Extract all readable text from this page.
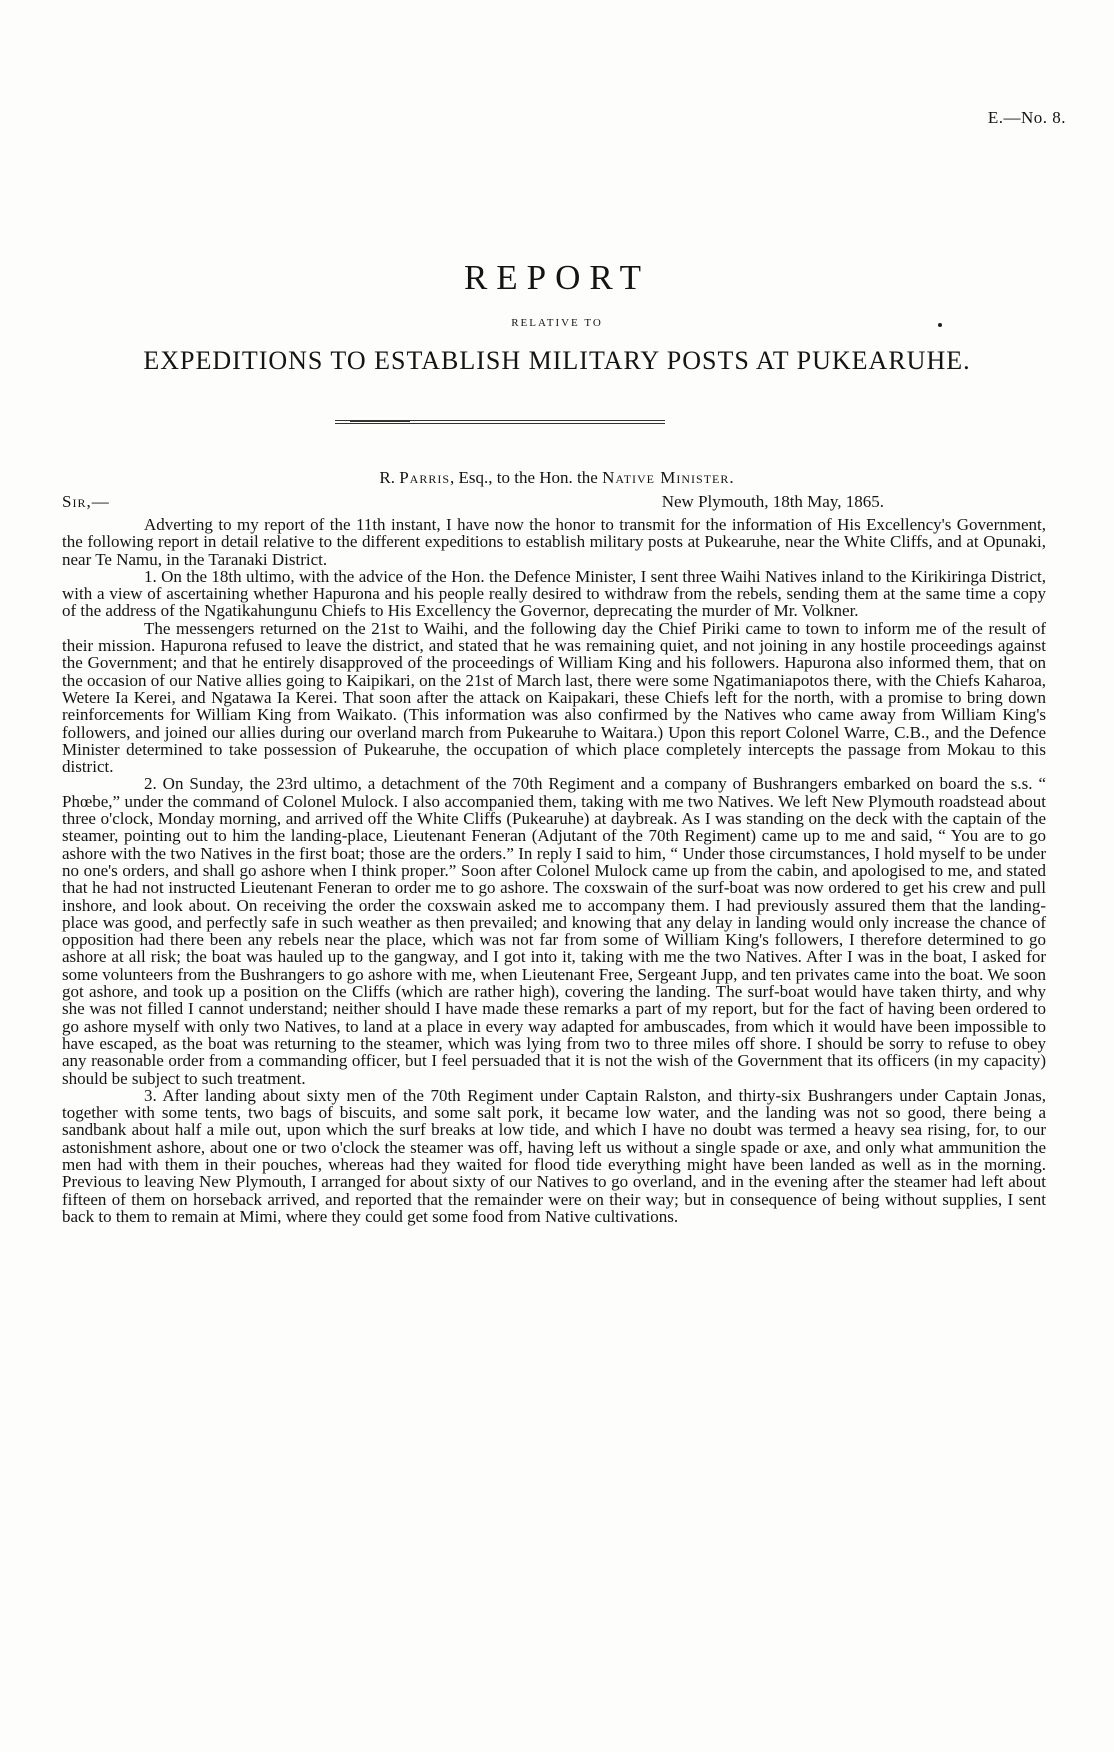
E.—No. 8.
REPORT
RELATIVE TO
EXPEDITIONS TO ESTABLISH MILITARY POSTS AT PUKEARUHE.
R. Parris, Esq., to the Hon. the Native Minister.
Sir,—	New Plymouth, 18th May, 1865.

Adverting to my report of the 11th instant, I have now the honor to transmit for the information of His Excellency's Government, the following report in detail relative to the different expeditions to establish military posts at Pukearuhe, near the White Cliffs, and at Opunaki, near Te Namu, in the Taranaki District.

1. On the 18th ultimo, with the advice of the Hon. the Defence Minister, I sent three Waihi Natives inland to the Kirikiringa District, with a view of ascertaining whether Hapurona and his people really desired to withdraw from the rebels, sending them at the same time a copy of the address of the Ngatikahungunu Chiefs to His Excellency the Governor, deprecating the murder of Mr. Volkner.

The messengers returned on the 21st to Waihi, and the following day the Chief Piriki came to town to inform me of the result of their mission. Hapurona refused to leave the district, and stated that he was remaining quiet, and not joining in any hostile proceedings against the Government; and that he entirely disapproved of the proceedings of William King and his followers. Hapurona also informed them, that on the occasion of our Native allies going to Kaipikari, on the 21st of March last, there were some Ngatimaniapotos there, with the Chiefs Kaharoa, Wetere Ia Kerei, and Ngatawa Ia Kerei. That soon after the attack on Kaipakari, these Chiefs left for the north, with a promise to bring down reinforcements for William King from Waikato. (This information was also confirmed by the Natives who came away from William King's followers, and joined our allies during our overland march from Pukearuhe to Waitara.) Upon this report Colonel Warre, C.B., and the Defence Minister determined to take possession of Pukearuhe, the occupation of which place completely intercepts the passage from Mokau to this district.

2. On Sunday, the 23rd ultimo, a detachment of the 70th Regiment and a company of Bushrangers embarked on board the s.s. “ Phœbe,” under the command of Colonel Mulock. I also accompanied them, taking with me two Natives. We left New Plymouth roadstead about three o'clock, Monday morning, and arrived off the White Cliffs (Pukearuhe) at daybreak. As I was standing on the deck with the captain of the steamer, pointing out to him the landing-place, Lieutenant Feneran (Adjutant of the 70th Regiment) came up to me and said, “ You are to go ashore with the two Natives in the first boat; those are the orders.” In reply I said to him, “ Under those circumstances, I hold myself to be under no one's orders, and shall go ashore when I think proper.” Soon after Colonel Mulock came up from the cabin, and apologised to me, and stated that he had not instructed Lieutenant Feneran to order me to go ashore. The coxswain of the surf-boat was now ordered to get his crew and pull inshore, and look about. On receiving the order the coxswain asked me to accompany them. I had previously assured them that the landing-place was good, and perfectly safe in such weather as then prevailed; and knowing that any delay in landing would only increase the chance of opposition had there been any rebels near the place, which was not far from some of William King's followers, I therefore determined to go ashore at all risk; the boat was hauled up to the gangway, and I got into it, taking with me the two Natives. After I was in the boat, I asked for some volunteers from the Bushrangers to go ashore with me, when Lieutenant Free, Sergeant Jupp, and ten privates came into the boat. We soon got ashore, and took up a position on the Cliffs (which are rather high), covering the landing. The surf-boat would have taken thirty, and why she was not filled I cannot understand; neither should I have made these remarks a part of my report, but for the fact of having been ordered to go ashore myself with only two Natives, to land at a place in every way adapted for ambuscades, from which it would have been impossible to have escaped, as the boat was returning to the steamer, which was lying from two to three miles off shore. I should be sorry to refuse to obey any reasonable order from a commanding officer, but I feel persuaded that it is not the wish of the Government that its officers (in my capacity) should be subject to such treatment.

3. After landing about sixty men of the 70th Regiment under Captain Ralston, and thirty-six Bushrangers under Captain Jonas, together with some tents, two bags of biscuits, and some salt pork, it became low water, and the landing was not so good, there being a sandbank about half a mile out, upon which the surf breaks at low tide, and which I have no doubt was termed a heavy sea rising, for, to our astonishment ashore, about one or two o'clock the steamer was off, having left us without a single spade or axe, and only what ammunition the men had with them in their pouches, whereas had they waited for flood tide everything might have been landed as well as in the morning. Previous to leaving New Plymouth, I arranged for about sixty of our Natives to go overland, and in the evening after the steamer had left about fifteen of them on horseback arrived, and reported that the remainder were on their way; but in consequence of being without supplies, I sent back to them to remain at Mimi, where they could get some food from Native cultivations.
